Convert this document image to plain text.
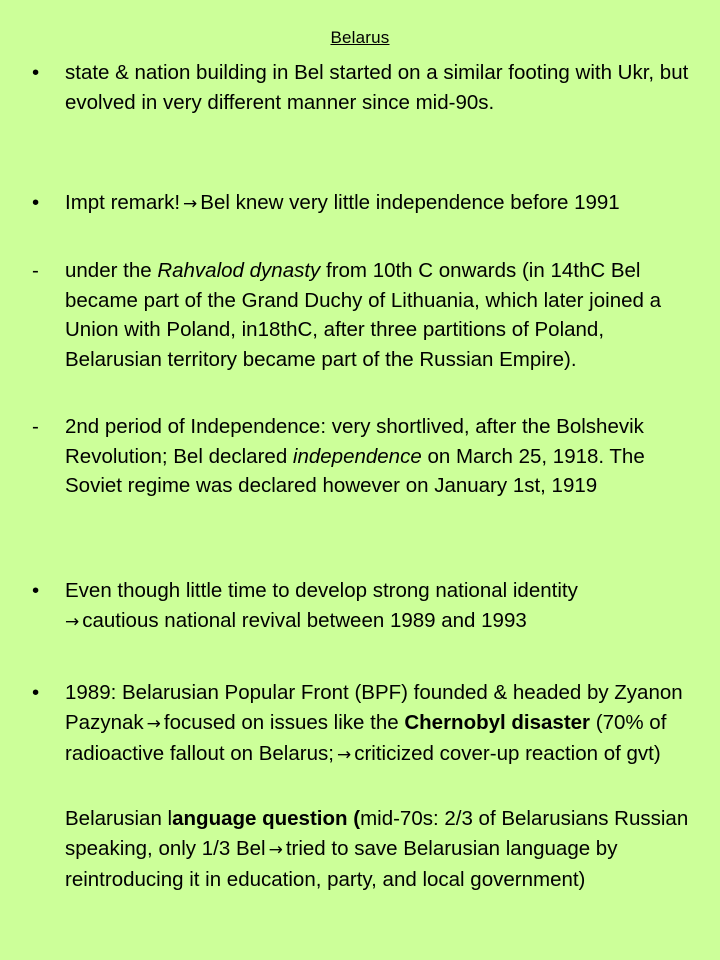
Belarus
•	state & nation building in Bel started on a similar footing with Ukr, but evolved in very different manner since mid-90s.
•	Impt remark! → Bel knew very little independence before 1991
-	under the Rahvalod dynasty from 10th C onwards (in 14thC Bel became part of the Grand Duchy of Lithuania, which later joined a Union with Poland, in18thC, after three partitions of Poland, Belarusian territory became part of the Russian Empire).
-	2nd period of Independence: very shortlived, after the Bolshevik Revolution; Bel declared independence on March 25, 1918. The Soviet regime was declared however on January 1st, 1919
•	Even though little time to develop strong national identity
→ cautious national revival between 1989 and 1993
•	1989: Belarusian Popular Front (BPF) founded & headed by Zyanon Pazynak → focused on issues like the Chernobyl disaster (70% of radioactive fallout on Belarus; → criticized cover-up reaction of gvt)
Belarusian language question (mid-70s: 2/3 of Belarusians Russian speaking, only 1/3 Bel → tried to save Belarusian language by reintroducing it in education, party, and local government)
